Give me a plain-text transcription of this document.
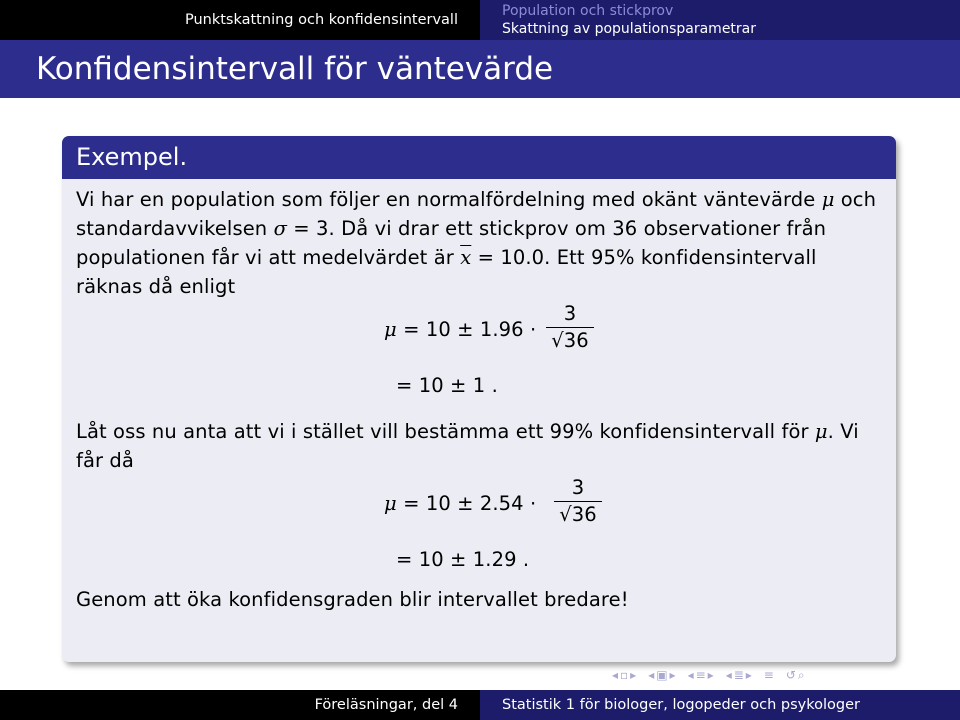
Punktskattning och konfidensintervall
Population och stickprov
Skattning av populationsparametrar
Konfidensintervall för väntevärde
Exempel.
Vi har en population som följer en normalfördelning med okänt väntevärde μ och standardavvikelsen σ = 3. Då vi drar ett stickprov om 36 observationer från populationen får vi att medelvärdet är $\overline{x} = 10.0$. Ett 95% konfidensintervall räknas då enligt
$\mu = 10 \pm 1.96 \cdot \frac{3}{√36}$
= 10 ± 1 .
Låt oss nu anta att vi i stället vill bestämma ett 99% konfidensintervall för μ. Vi får då
$\mu = 10 \pm 2.54 \cdot \frac{3}{√36}$
= 10 ± 1.29 .
Genom att öka konfidensgraden blir intervallet bredare!
◂▫▸ ◂▣▸ ◂≡▸ ◂≣▸ ≡ ↺⌕
Föreläsningar, del 4	Statistik 1 för biologer, logopeder och psykologer
